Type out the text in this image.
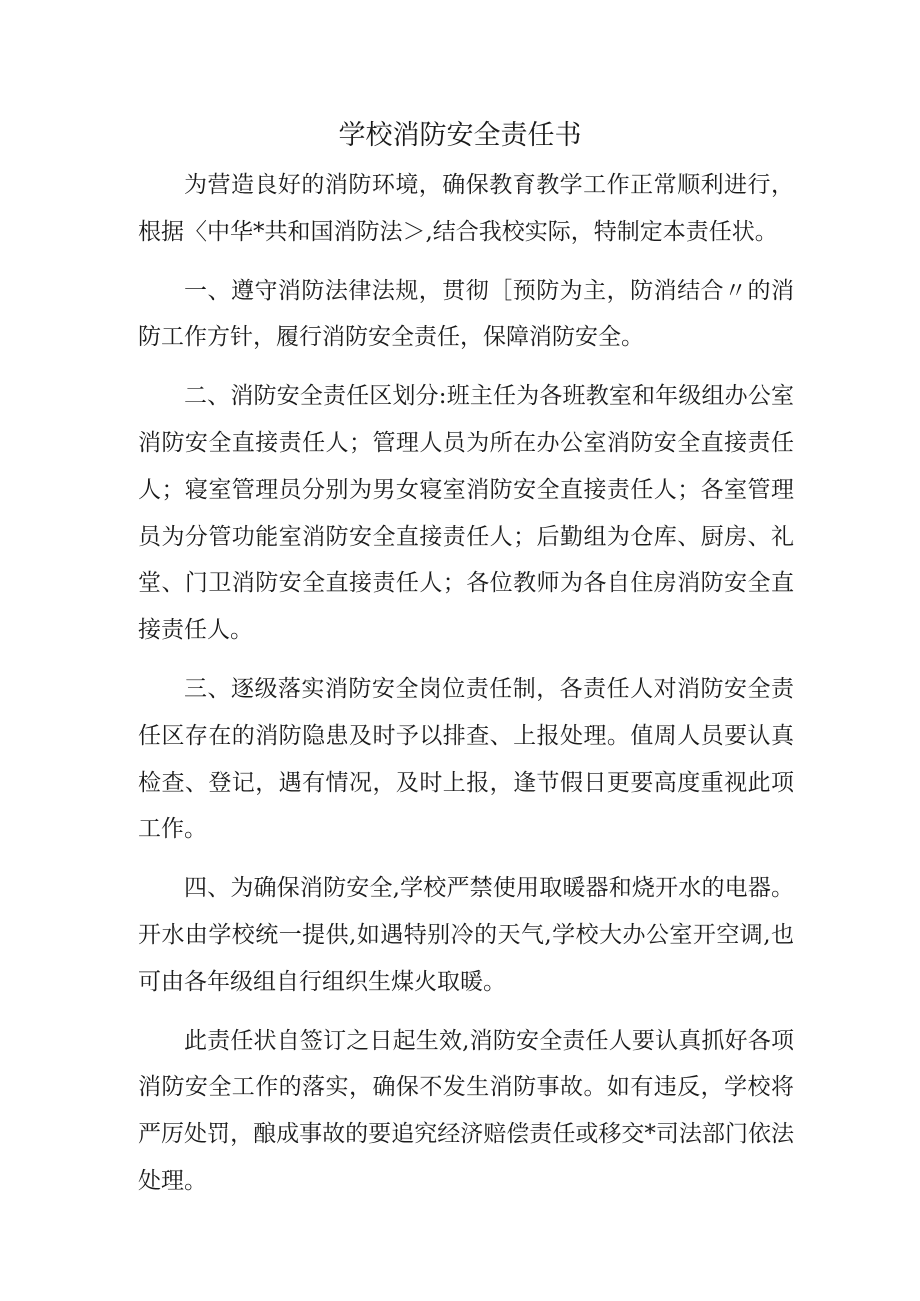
学校消防安全责任书

为营造良好的消防环境，确保教育教学工作正常顺利进行，根据〈中华*共和国消防法＞,结合我校实际，特制定本责任状。

一、遵守消防法律法规，贯彻［预防为主，防消结合〃的消防工作方针，履行消防安全责任，保障消防安全。

二、消防安全责任区划分:班主任为各班教室和年级组办公室消防安全直接责任人；管理人员为所在办公室消防安全直接责任人；寝室管理员分别为男女寝室消防安全直接责任人；各室管理员为分管功能室消防安全直接责任人；后勤组为仓库、厨房、礼堂、门卫消防安全直接责任人；各位教师为各自住房消防安全直接责任人。

三、逐级落实消防安全岗位责任制，各责任人对消防安全责任区存在的消防隐患及时予以排查、上报处理。值周人员要认真检查、登记，遇有情况，及时上报，逢节假日更要高度重视此项工作。

四、为确保消防安全,学校严禁使用取暖器和烧开水的电器。开水由学校统一提供,如遇特别冷的天气,学校大办公室开空调,也可由各年级组自行组织生煤火取暖。

此责任状自签订之日起生效,消防安全责任人要认真抓好各项消防安全工作的落实，确保不发生消防事故。如有违反，学校将严厉处罚，酿成事故的要追究经济赔偿责任或移交*司法部门依法处理。
